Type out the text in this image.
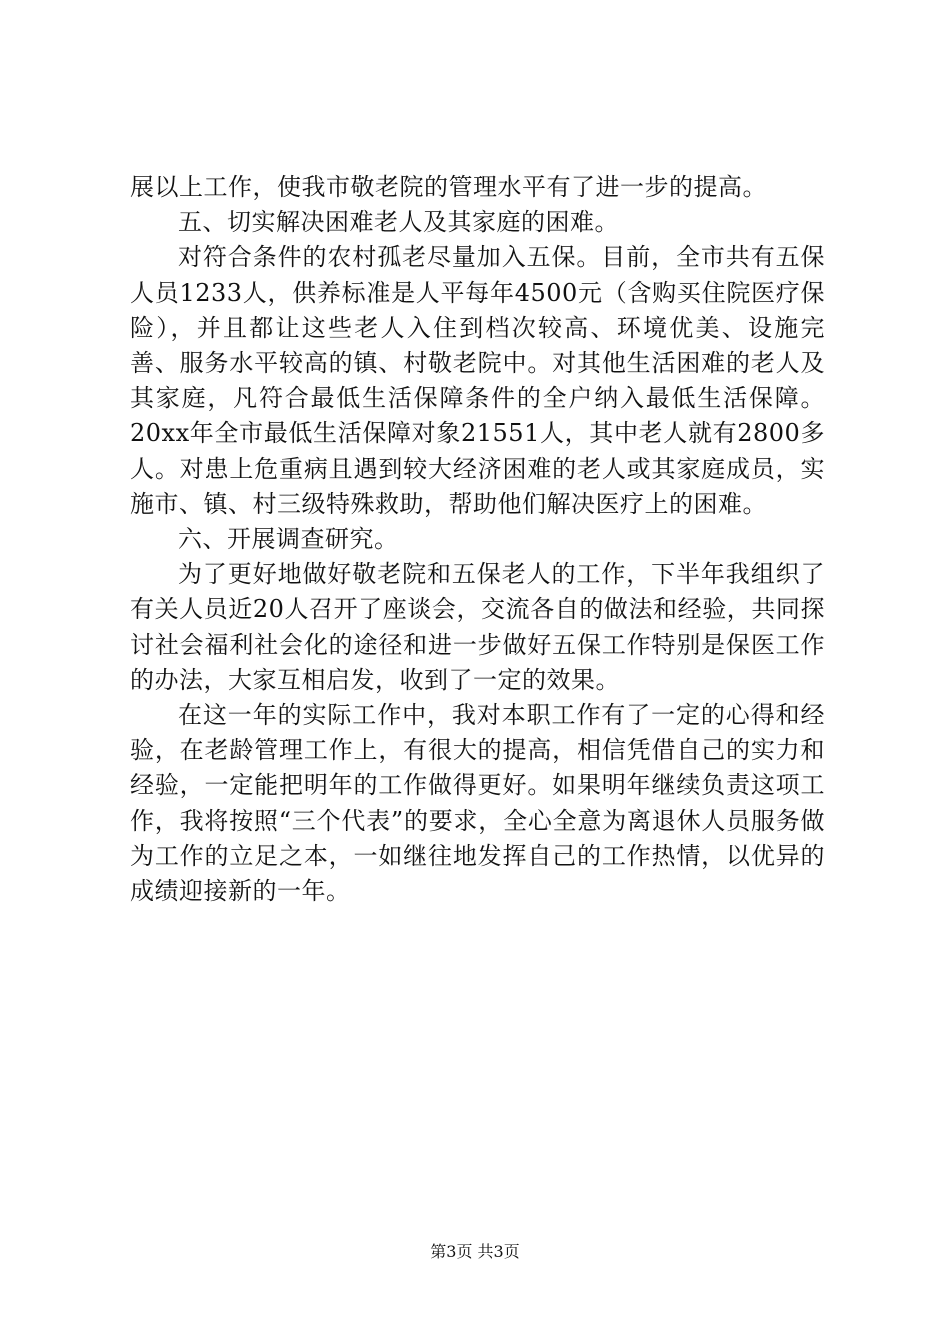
展以上工作，使我市敬老院的管理水平有了进一步的提高。

五、切实解决困难老人及其家庭的困难。

对符合条件的农村孤老尽量加入五保。目前，全市共有五保人员1233人，供养标准是人平每年4500元（含购买住院医疗保险），并且都让这些老人入住到档次较高、环境优美、设施完善、服务水平较高的镇、村敬老院中。对其他生活困难的老人及其家庭，凡符合最低生活保障条件的全户纳入最低生活保障。20xx年全市最低生活保障对象21551人，其中老人就有2800多人。对患上危重病且遇到较大经济困难的老人或其家庭成员，实施市、镇、村三级特殊救助，帮助他们解决医疗上的困难。

六、开展调查研究。

为了更好地做好敬老院和五保老人的工作，下半年我组织了有关人员近20人召开了座谈会，交流各自的做法和经验，共同探讨社会福利社会化的途径和进一步做好五保工作特别是保医工作的办法，大家互相启发，收到了一定的效果。

在这一年的实际工作中，我对本职工作有了一定的心得和经验，在老龄管理工作上，有很大的提高，相信凭借自己的实力和经验，一定能把明年的工作做得更好。如果明年继续负责这项工作，我将按照“三个代表”的要求，全心全意为离退休人员服务做为工作的立足之本，一如继往地发挥自己的工作热情，以优异的成绩迎接新的一年。

第3页 共3页
